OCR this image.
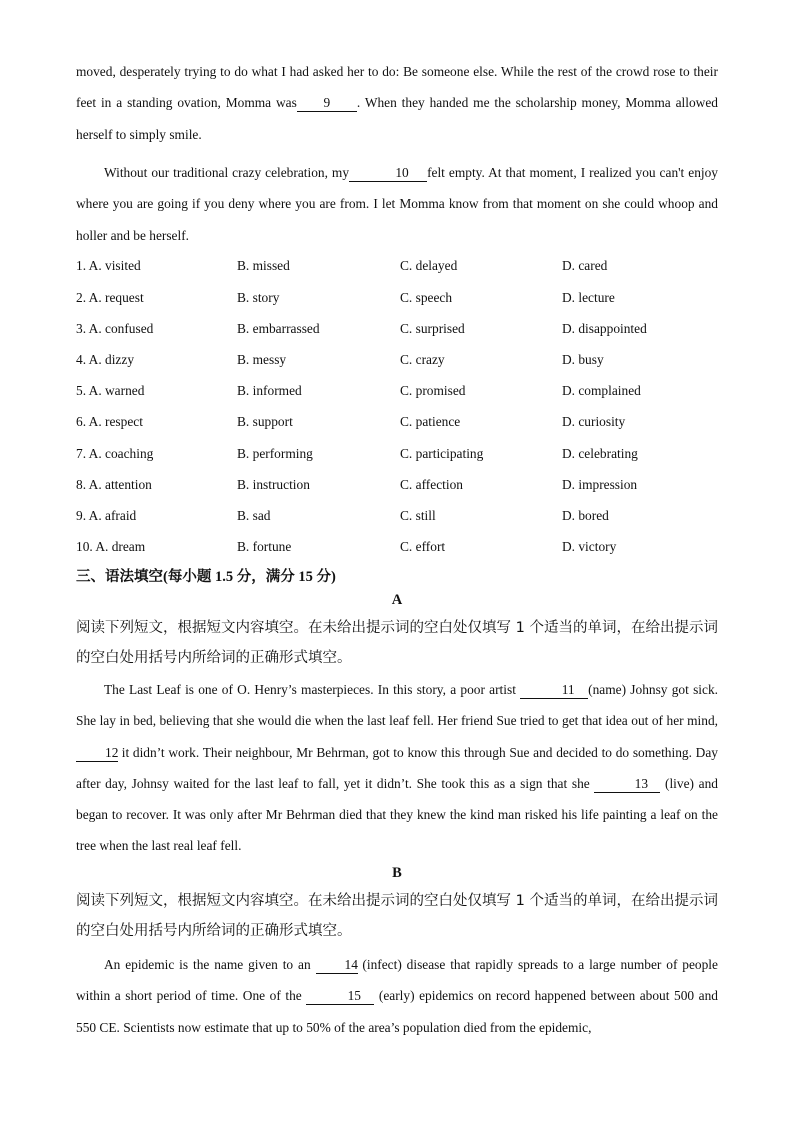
moved, desperately trying to do what I had asked her to do: Be someone else. While the rest of the crowd rose to their feet in a standing ovation, Momma was 9 . When they handed me the scholarship money, Momma allowed herself to simply smile.
Without our traditional crazy celebration, my	10 felt empty. At that moment, I realized you can't enjoy where you are going if you deny where you are from. I let Momma know from that moment on she could whoop and holler and be herself.
1. A. visited	B. missed	C. delayed	D. cared
2. A. request	B. story	C. speech	D. lecture
3. A. confused	B. embarrassed	C. surprised	D. disappointed
4. A. dizzy	B. messy	C. crazy	D. busy
5. A. warned	B. informed	C. promised	D. complained
6. A. respect	B. support	C. patience	D. curiosity
7. A. coaching	B. performing	C. participating	D. celebrating
8. A. attention	B. instruction	C. affection	D. impression
9. A. afraid	B. sad	C. still	D. bored
10. A. dream	B. fortune	C. effort	D. victory
三、语法填空(每小题 1.5 分，满分 15 分)
A
阅读下列短文，根据短文内容填空。在未给出提示词的空白处仅填写 1 个适当的单词，在给出提示词的空白处用括号内所给词的正确形式填空。
The Last Leaf is one of O. Henry’s masterpieces. In this story, a poor artist	11 (name) Johnsy got sick. She lay in bed, believing that she would die when the last leaf fell. Her friend Sue tried to get that idea out of her mind, 12 it didn’t work. Their neighbour, Mr Behrman, got to know this through Sue and decided to do something. Day after day, Johnsy waited for the last leaf to fall, yet it didn’t. She took this as a sign that she	13 (live) and began to recover. It was only after Mr Behrman died that they knew the kind man risked his life painting a leaf on the tree when the last real leaf fell.
B
阅读下列短文，根据短文内容填空。在未给出提示词的空白处仅填写 1 个适当的单词，在给出提示词的空白处用括号内所给词的正确形式填空。
An epidemic is the name given to an	14 (infect) disease that rapidly spreads to a large number of people within a short period of time. One of the	15 (early) epidemics on record happened between about 500 and 550 CE. Scientists now estimate that up to 50% of the area’s population died from the epidemic,
